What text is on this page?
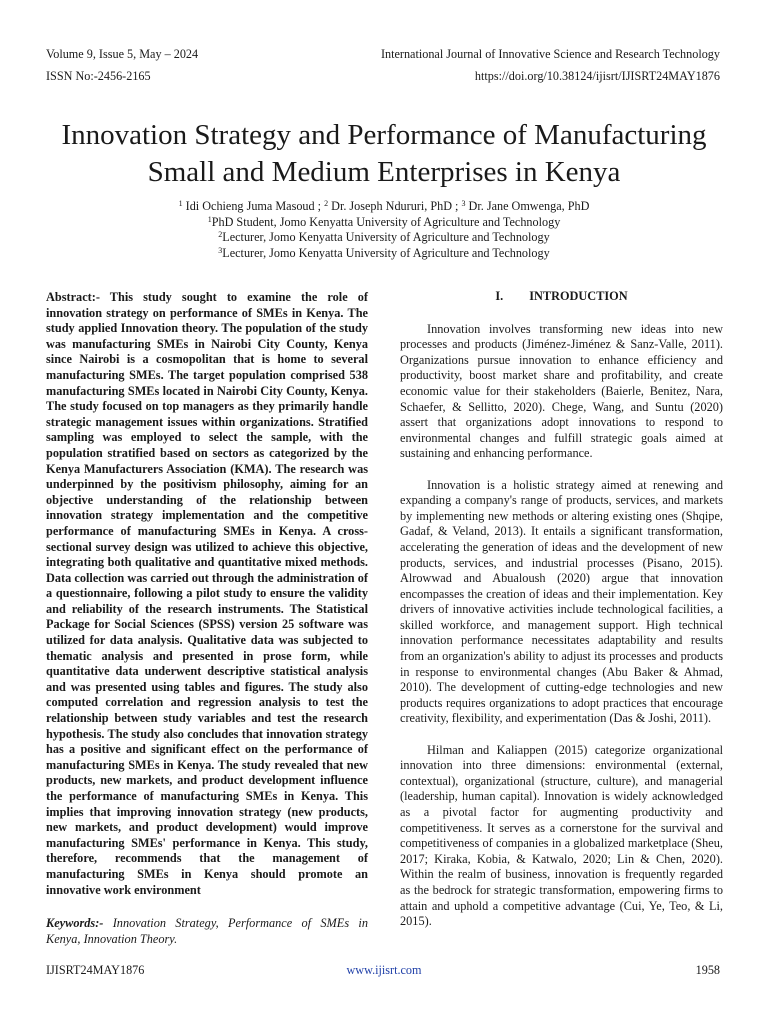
Volume 9, Issue 5, May – 2024	International Journal of Innovative Science and Research Technology
ISSN No:-2456-2165	https://doi.org/10.38124/ijisrt/IJISRT24MAY1876
Innovation Strategy and Performance of Manufacturing Small and Medium Enterprises in Kenya
$^1$ Idi Ochieng Juma Masoud ; $^2$ Dr. Joseph Ndururi, PhD ; $^3$ Dr. Jane Omwenga, PhD
$^1$PhD Student, Jomo Kenyatta University of Agriculture and Technology
$^2$Lecturer, Jomo Kenyatta University of Agriculture and Technology
$^3$Lecturer, Jomo Kenyatta University of Agriculture and Technology

Abstract:- This study sought to examine the role of innovation strategy on performance of SMEs in Kenya. The study applied Innovation theory. The population of the study was manufacturing SMEs in Nairobi City County, Kenya since Nairobi is a cosmopolitan that is home to several manufacturing SMEs. The target population comprised 538 manufacturing SMEs located in Nairobi City County, Kenya. The study focused on top managers as they primarily handle strategic management issues within organizations. Stratified sampling was employed to select the sample, with the population stratified based on sectors as categorized by the Kenya Manufacturers Association (KMA). The research was underpinned by the positivism philosophy, aiming for an objective understanding of the relationship between innovation strategy implementation and the competitive performance of manufacturing SMEs in Kenya. A cross-sectional survey design was utilized to achieve this objective, integrating both qualitative and quantitative mixed methods. Data collection was carried out through the administration of a questionnaire, following a pilot study to ensure the validity and reliability of the research instruments. The Statistical Package for Social Sciences (SPSS) version 25 software was utilized for data analysis. Qualitative data was subjected to thematic analysis and presented in prose form, while quantitative data underwent descriptive statistical analysis and was presented using tables and figures. The study also computed correlation and regression analysis to test the relationship between study variables and test the research hypothesis. The study also concludes that innovation strategy has a positive and significant effect on the performance of manufacturing SMEs in Kenya. The study revealed that new products, new markets, and product development influence the performance of manufacturing SMEs in Kenya. This implies that improving innovation strategy (new products, new markets, and product development) would improve manufacturing SMEs' performance in Kenya. This study, therefore, recommends that the management of manufacturing SMEs in Kenya should promote an innovative work environment

Keywords:- Innovation Strategy, Performance of SMEs in Kenya, Innovation Theory.

I. INTRODUCTION

Innovation involves transforming new ideas into new processes and products (Jiménez-Jiménez & Sanz-Valle, 2011). Organizations pursue innovation to enhance efficiency and productivity, boost market share and profitability, and create economic value for their stakeholders (Baierle, Benitez, Nara, Schaefer, & Sellitto, 2020). Chege, Wang, and Suntu (2020) assert that organizations adopt innovations to respond to environmental changes and fulfill strategic goals aimed at sustaining and enhancing performance.

Innovation is a holistic strategy aimed at renewing and expanding a company's range of products, services, and markets by implementing new methods or altering existing ones (Shqipe, Gadaf, & Veland, 2013). It entails a significant transformation, accelerating the generation of ideas and the development of new products, services, and industrial processes (Pisano, 2015). Alrowwad and Abualoush (2020) argue that innovation encompasses the creation of ideas and their implementation. Key drivers of innovative activities include technological facilities, a skilled workforce, and management support. High technical innovation performance necessitates adaptability and results from an organization's ability to adjust its processes and products in response to environmental changes (Abu Baker & Ahmad, 2010). The development of cutting-edge technologies and new products requires organizations to adopt practices that encourage creativity, flexibility, and experimentation (Das & Joshi, 2011).

Hilman and Kaliappen (2015) categorize organizational innovation into three dimensions: environmental (external, contextual), organizational (structure, culture), and managerial (leadership, human capital). Innovation is widely acknowledged as a pivotal factor for augmenting productivity and competitiveness. It serves as a cornerstone for the survival and competitiveness of companies in a globalized marketplace (Sheu, 2017; Kiraka, Kobia, & Katwalo, 2020; Lin & Chen, 2020). Within the realm of business, innovation is frequently regarded as the bedrock for strategic transformation, empowering firms to attain and uphold a competitive advantage (Cui, Ye, Teo, & Li, 2015).

IJISRT24MAY1876	www.ijisrt.com	1958
